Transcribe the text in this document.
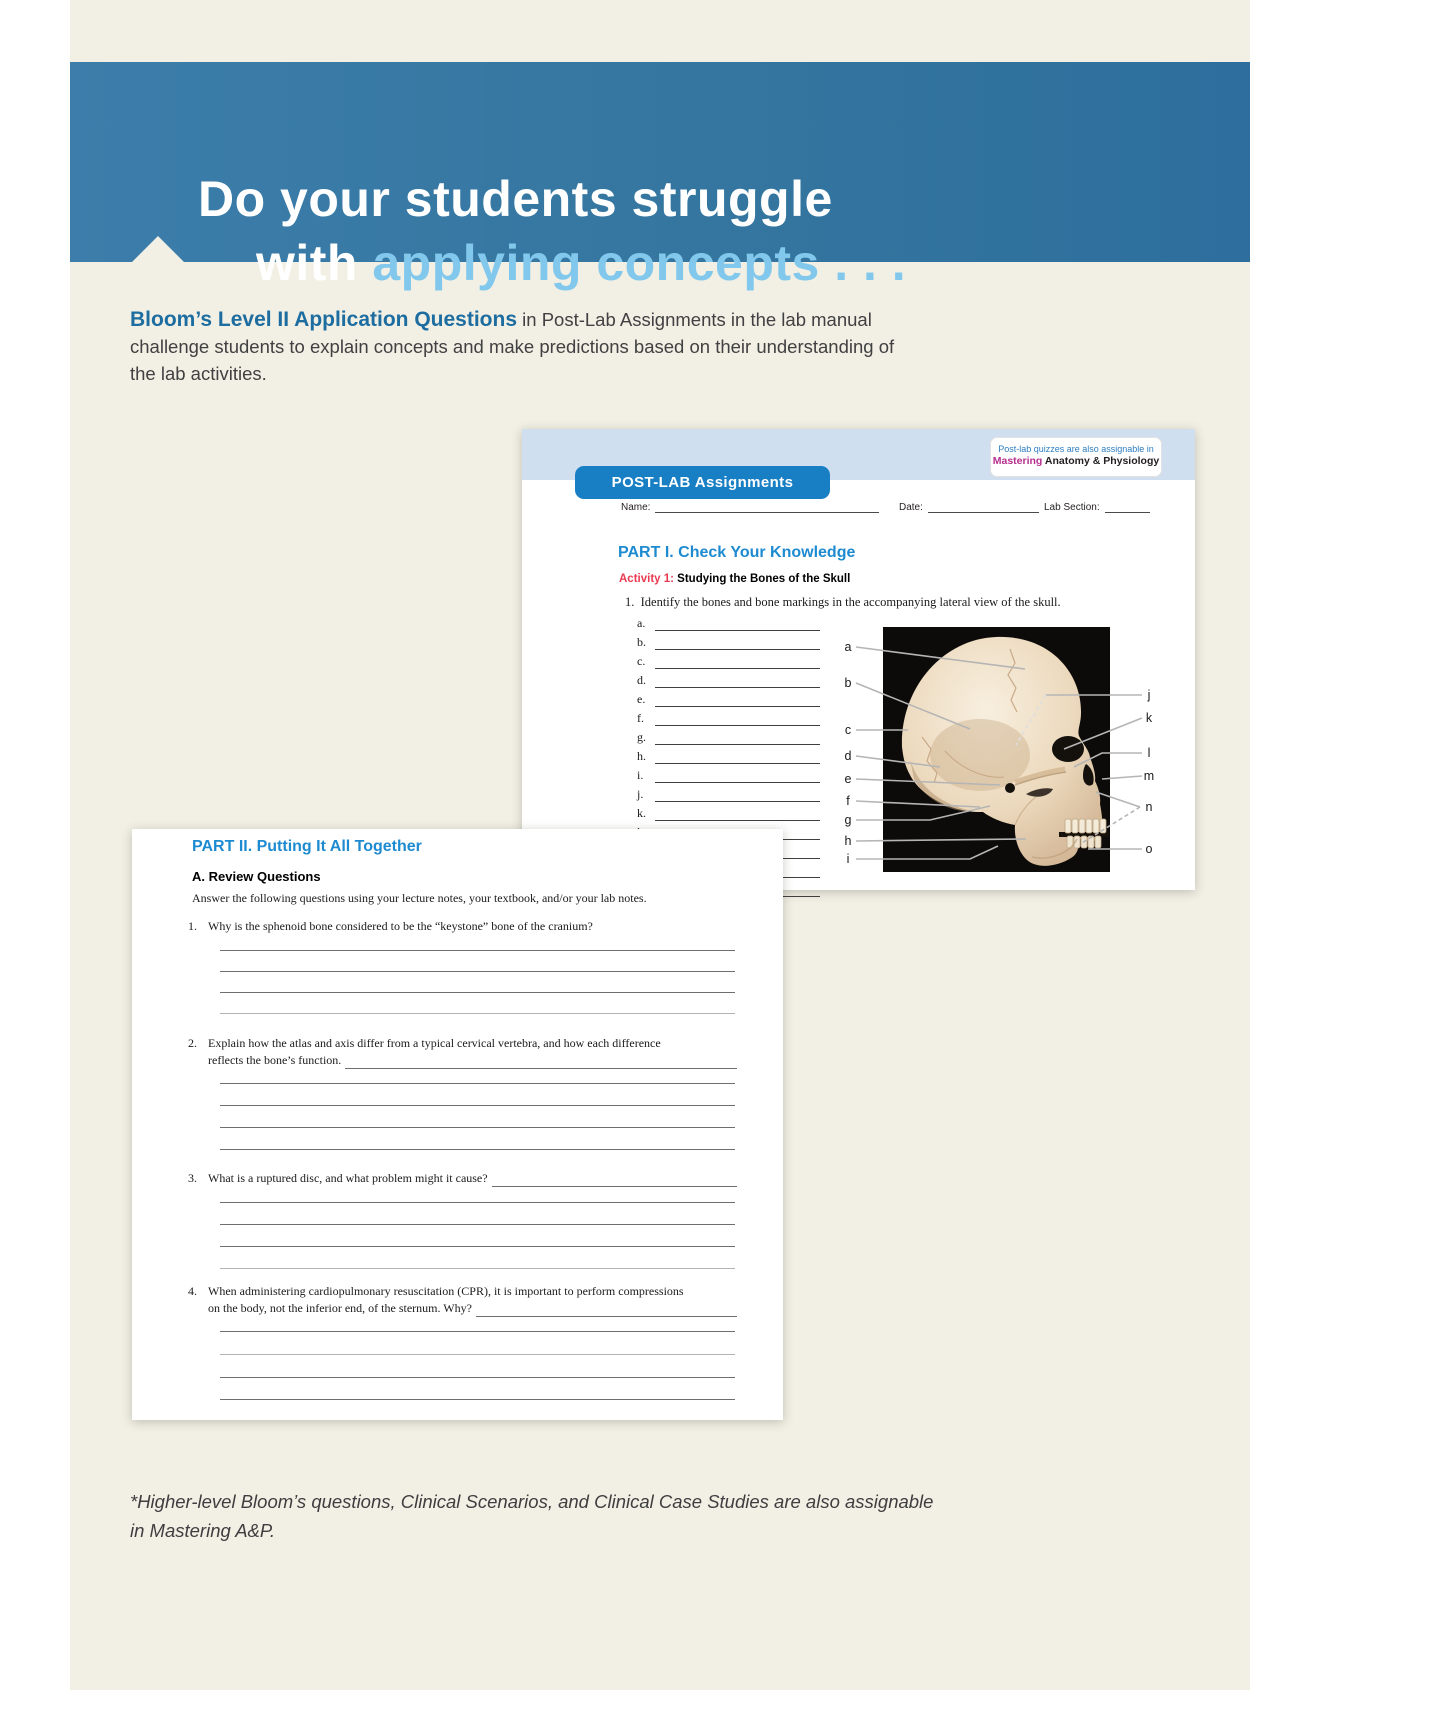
Do your students struggle
with applying concepts . . .
Bloom’s Level II Application Questions in Post-Lab Assignments in the lab manual
challenge students to explain concepts and make predictions based on their understanding of
the lab activities.
Post-lab quizzes are also assignable in
Mastering Anatomy & Physiology
POST-LAB Assignments
Name:	Date:	Lab Section:
PART I. Check Your Knowledge
Activity 1: Studying the Bones of the Skull
1. Identify the bones and bone markings in the accompanying lateral view of the skull.
a.
b.
c.
d.
e.
f.
g.
h.
i.
j.
k.
a
b
c
d
e
f
g
h
i
j
k
l
m
n
o
PART II. Putting It All Together
A. Review Questions
Answer the following questions using your lecture notes, your textbook, and/or your lab notes.
1. Why is the sphenoid bone considered to be the “keystone” bone of the cranium?
2. Explain how the atlas and axis differ from a typical cervical vertebra, and how each difference
reflects the bone’s function.
3. What is a ruptured disc, and what problem might it cause?
4. When administering cardiopulmonary resuscitation (CPR), it is important to perform compressions
on the body, not the inferior end, of the sternum. Why?
*Higher-level Bloom’s questions, Clinical Scenarios, and Clinical Case Studies are also assignable
in Mastering A&P.
